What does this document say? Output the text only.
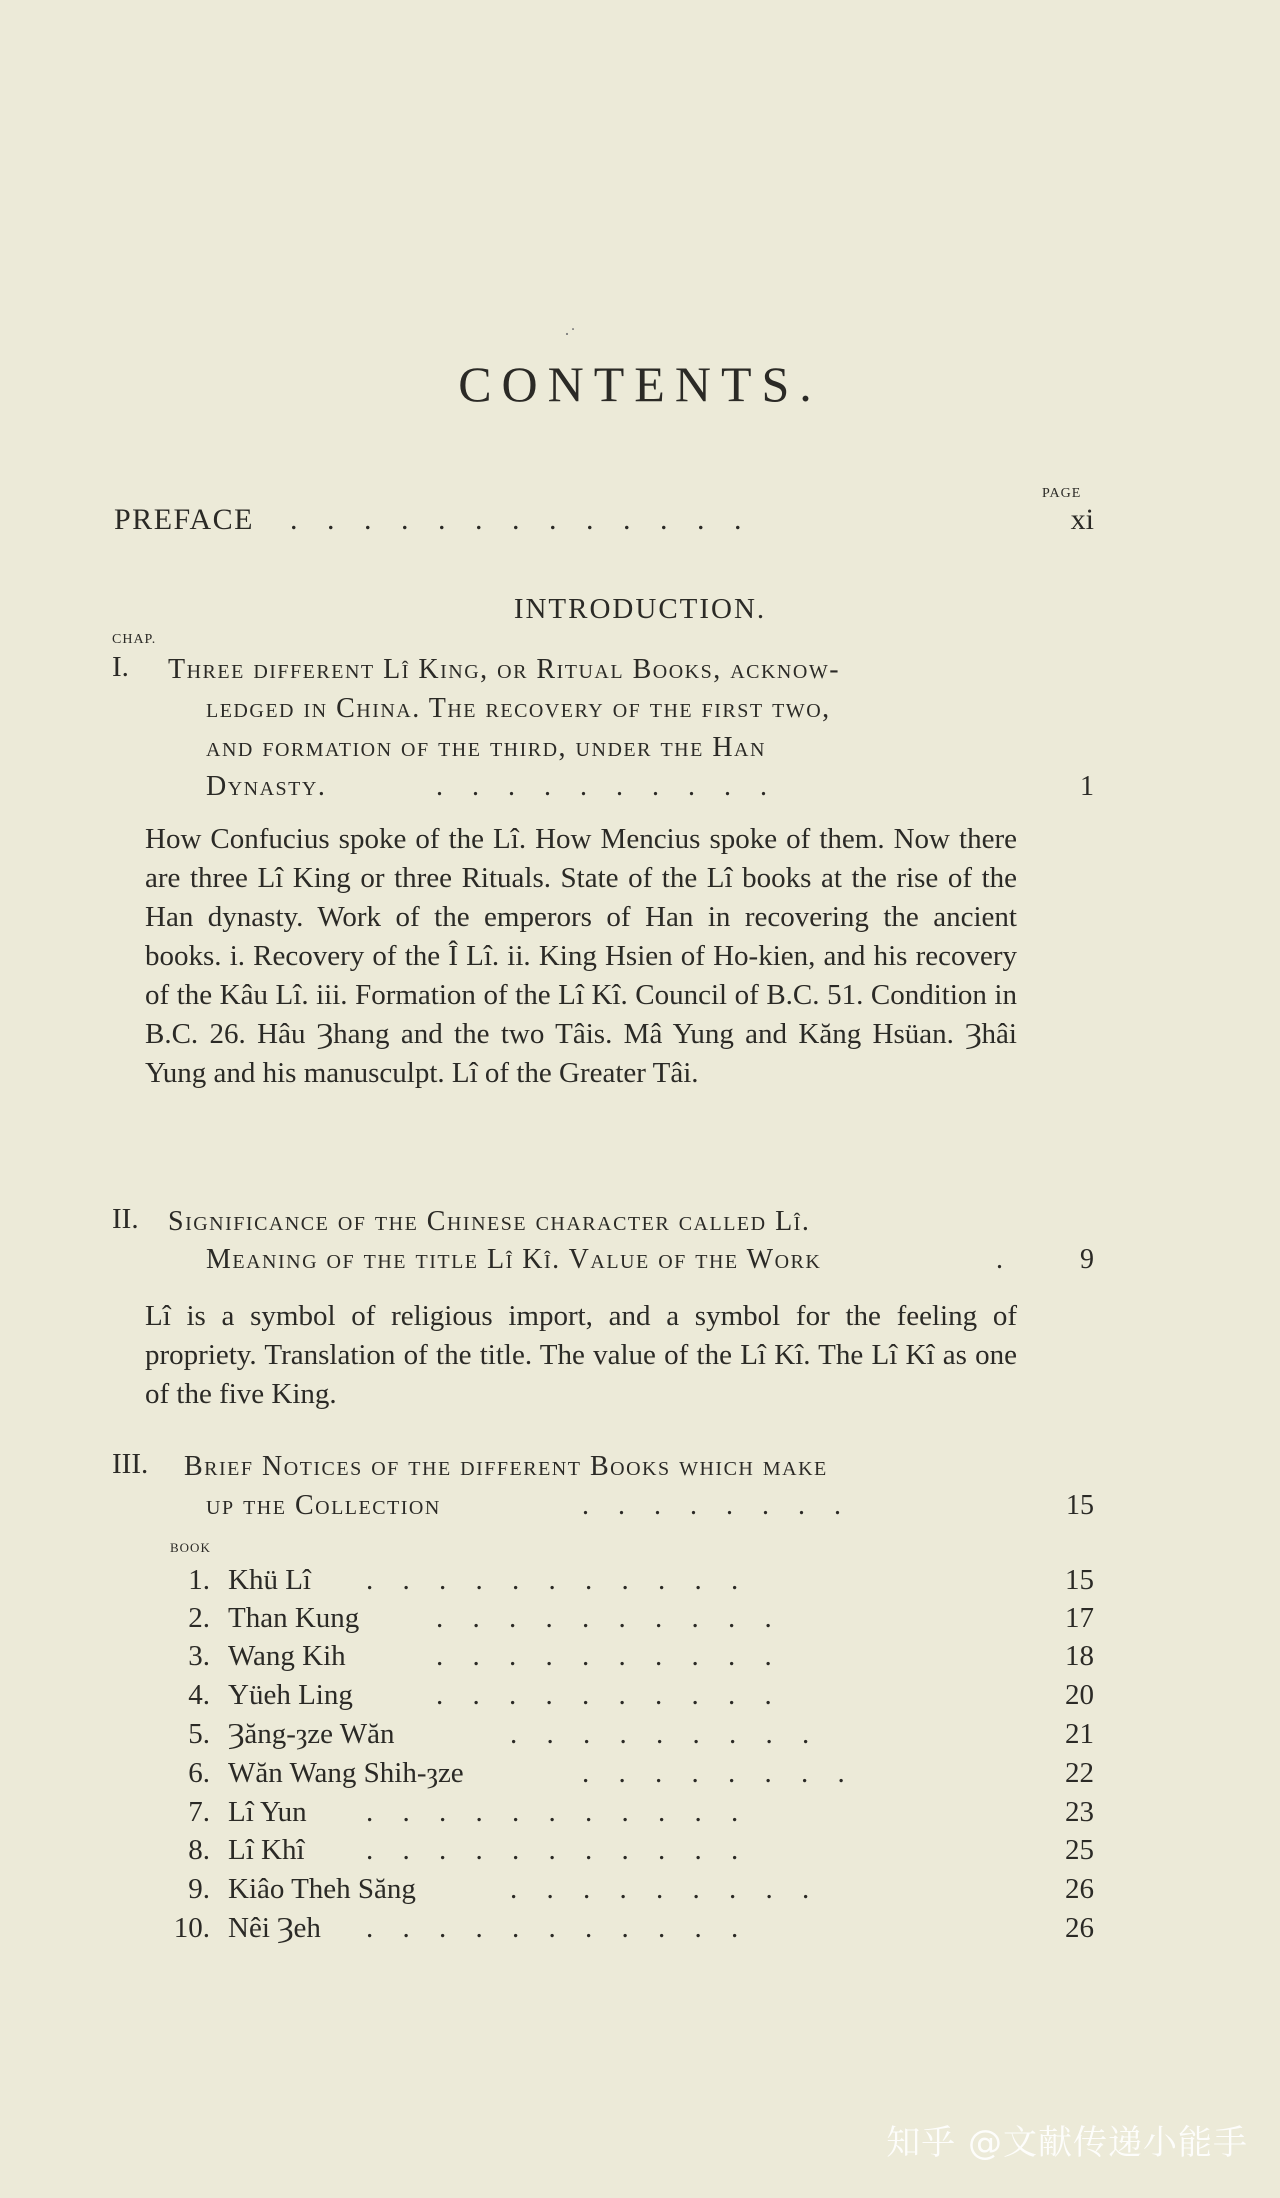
·˙
CONTENTS.
PAGE
PREFACE . . . . . . . . . . . . .	xi
INTRODUCTION.
CHAP.
I. Three different Lî King, or Ritual Books, acknow-
ledged in China. The recovery of the first two,
and formation of the third, under the Han
Dynasty.	. . . . . . . . . .	1

How Confucius spoke of the Lî. How Mencius spoke of them. Now there are three Lî King or three Rituals. State of the Lî books at the rise of the Han dynasty. Work of the emperors of Han in recovering the ancient books. i. Recovery of the Î Lî. ii. King Hsien of Ho-kien, and his recovery of the Kâu Lî. iii. Formation of the Lî Kî. Council of B.C. 51. Condition in B.C. 26. Hâu Ȝhang and the two Tâis. Mâ Yung and Kăng Hsüan. Ȝhâi Yung and his manusculpt. Lî of the Greater Tâi.

II. Significance of the Chinese character called Lî.
Meaning of the title Lî Kî. Value of the Work	.	9

Lî is a symbol of religious import, and a symbol for the feeling of propriety. Translation of the title. The value of the Lî Kî. The Lî Kî as one of the five King.

III. Brief Notices of the different Books which make
up the Collection	. . . . . . . .	15
BOOK
1. Khü Lî . . . . . . . . . . .	15
2. Than Kung	. . . . . . . . . .	17
3. Wang Kih	. . . . . . . . . .	18
4. Yüeh Ling	. . . . . . . . . .	20
5. Ȝăng-ȝze Wăn	. . . . . . . . .	21
6. Wăn Wang Shih-ȝze	. . . . . . . .	22
7. Lî Yun . . . . . . . . . . .	23
8. Lî Khî . . . . . . . . . . .	25
9. Kiâo Theh Săng	. . . . . . . . .	26
10. Nêi Ȝeh . . . . . . . . . . .	26
知乎 @文献传递小能手
